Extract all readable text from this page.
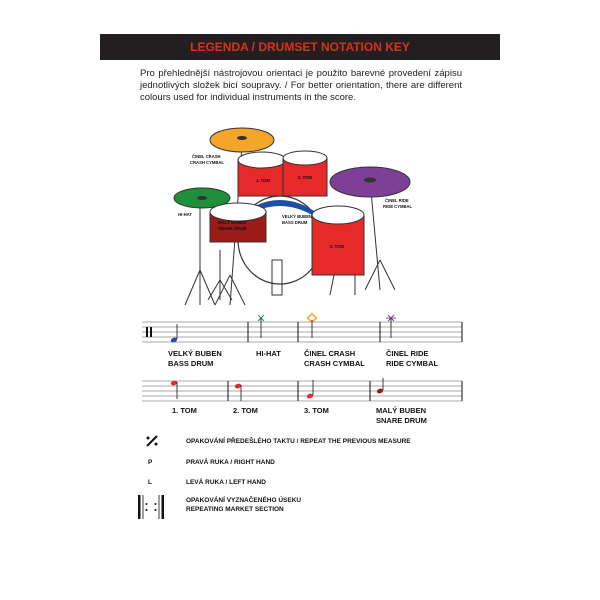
LEGENDA / DRUMSET NOTATION KEY
Pro přehlednější nástrojovou orientaci je použito barevné provedení zápisu jednotlivých složek bicí soupravy. / For better orientation, there are different colours used for individual instruments in the score.
ČINEL CRASH
CRASH CYMBAL
1. TOM
2. TOM
3. TOM
ČINEL RIDE
RIDE CYMBAL
HI-HAT
MALÝ BUBEN
SNARE DRUM
VELKÝ BUBEN
BASS DRUM
VELKÝ BUBEN
BASS DRUM
HI-HAT	ČINEL CRASH
CRASH CYMBAL
ČINEL RIDE
RIDE CYMBAL
1. TOM	2. TOM	3. TOM	MALÝ BUBEN
SNARE DRUM
OPAKOVÁNÍ PŘEDEŠLÉHO TAKTU / REPEAT THE PREVIOUS MEASURE
P	PRAVÁ RUKA / RIGHT HAND
L	LEVÁ RUKA / LEFT HAND
OPAKOVÁNÍ VYZNAČENÉHO ÚSEKU
REPEATING MARKET SECTION
